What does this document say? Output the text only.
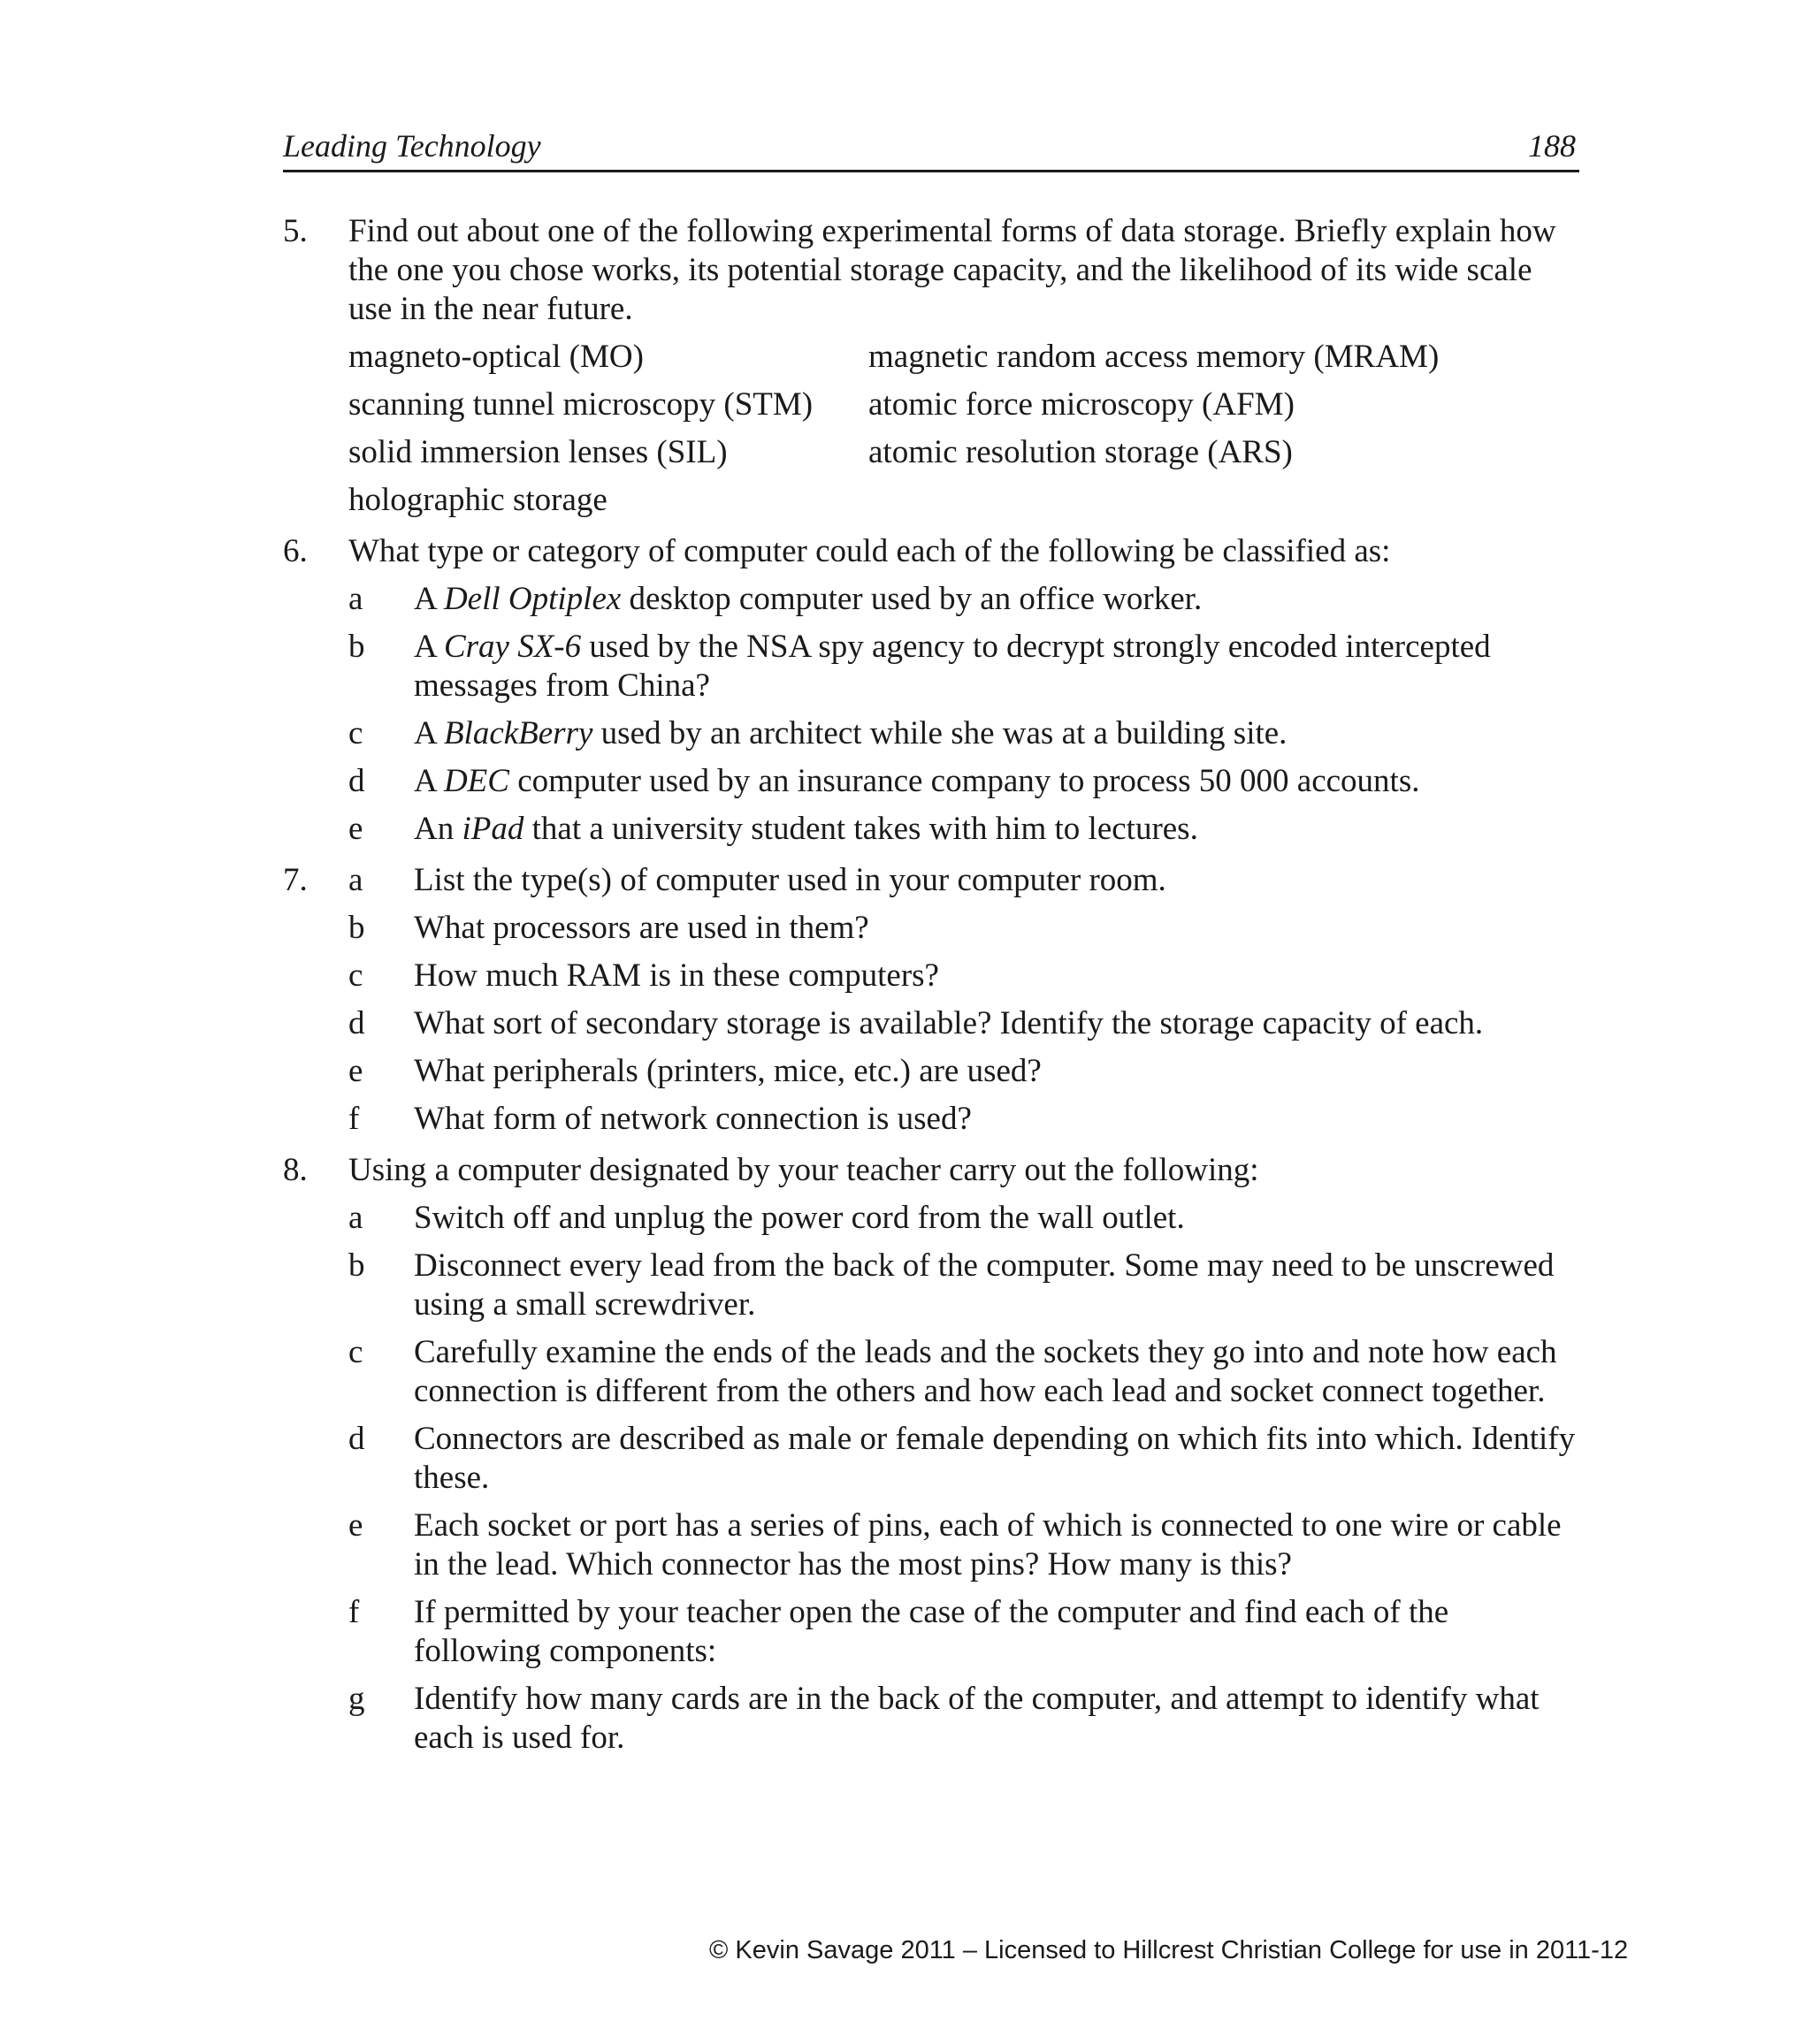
Leading Technology	188
5. Find out about one of the following experimental forms of data storage. Briefly explain how the one you chose works, its potential storage capacity, and the likelihood of its wide scale use in the near future.
magneto-optical (MO)	magnetic random access memory (MRAM)
scanning tunnel microscopy (STM)	atomic force microscopy (AFM)
solid immersion lenses (SIL)	atomic resolution storage (ARS)
holographic storage
6. What type or category of computer could each of the following be classified as:
a A Dell Optiplex desktop computer used by an office worker.
b A Cray SX-6 used by the NSA spy agency to decrypt strongly encoded intercepted messages from China?
c A BlackBerry used by an architect while she was at a building site.
d A DEC computer used by an insurance company to process 50 000 accounts.
e An iPad that a university student takes with him to lectures.
7. a List the type(s) of computer used in your computer room.
b What processors are used in them?
c How much RAM is in these computers?
d What sort of secondary storage is available? Identify the storage capacity of each.
e What peripherals (printers, mice, etc.) are used?
f What form of network connection is used?
8. Using a computer designated by your teacher carry out the following:
a Switch off and unplug the power cord from the wall outlet.
b Disconnect every lead from the back of the computer. Some may need to be unscrewed using a small screwdriver.
c Carefully examine the ends of the leads and the sockets they go into and note how each connection is different from the others and how each lead and socket connect together.
d Connectors are described as male or female depending on which fits into which. Identify these.
e Each socket or port has a series of pins, each of which is connected to one wire or cable in the lead. Which connector has the most pins? How many is this?
f If permitted by your teacher open the case of the computer and find each of the following components:
g Identify how many cards are in the back of the computer, and attempt to identify what each is used for.
© Kevin Savage 2011 – Licensed to Hillcrest Christian College for use in 2011-12
